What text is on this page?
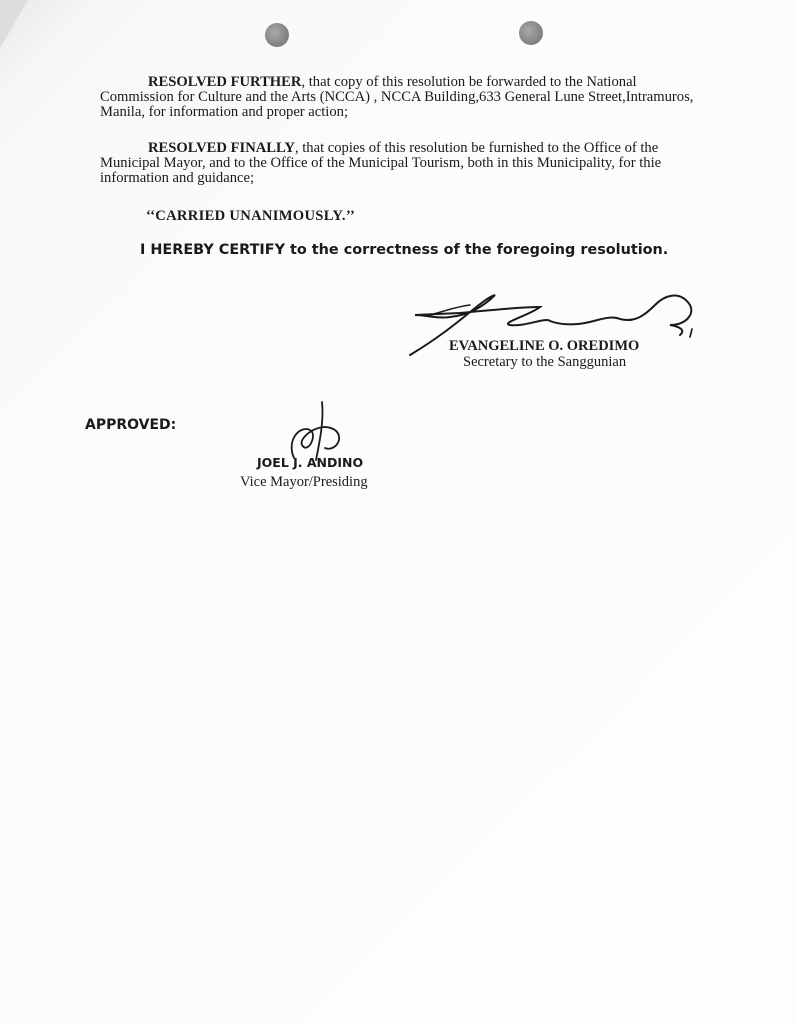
RESOLVED FURTHER, that copy of this resolution be forwarded to the National Commission for Culture and the Arts (NCCA) , NCCA Building,633 General Lune Street,Intramuros, Manila, for information and proper action;
RESOLVED FINALLY, that copies of this resolution be furnished to the Office of the Municipal Mayor, and to the Office of the Municipal Tourism, both in this Municipality, for thie information and guidance;
‘‘CARRIED UNANIMOUSLY.’’
I HEREBY CERTIFY to the correctness of the foregoing resolution.
EVANGELINE O. OREDIMO
Secretary to the Sanggunian
APPROVED:
JOEL J. ANDINO
Vice Mayor/Presiding
